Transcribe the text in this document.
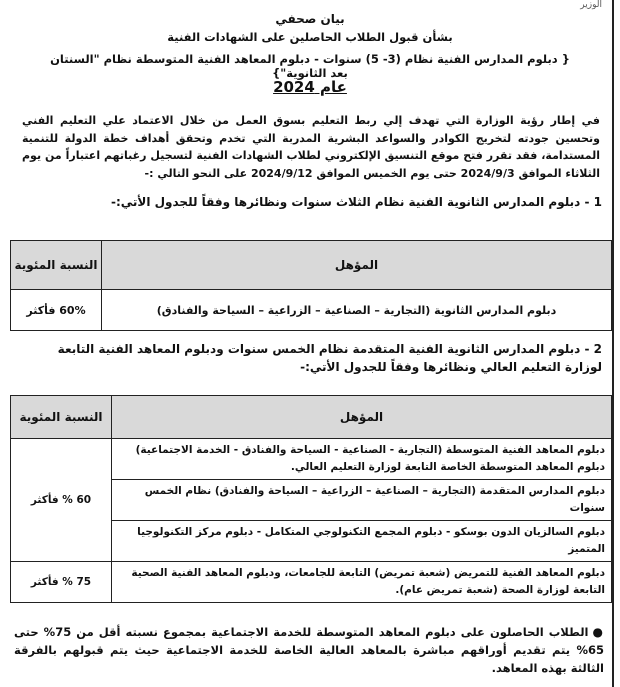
الوزير
بيان صحفي
بشأن قبول الطلاب الحاصلين على الشهادات الفنية
{ دبلوم المدارس الفنية نظام (3- 5) سنوات - دبلوم المعاهد الفنية المتوسطة نظام "السنتان بعد الثانوية"}
عام 2024
في إطار رؤية الوزارة التي تهدف إلي ربط التعليم بسوق العمل من خلال الاعتماد علي التعليم الفني وتحسين جودته لتخريج الكوادر والسواعد البشرية المدربة التي تخدم وتحقق أهداف خطة الدولة للتنمية المستدامة، فقد تقرر فتح موقع التنسيق الإلكتروني لطلاب الشهادات الفنية لتسجيل رغباتهم اعتباراً من يوم الثلاثاء الموافق 2024/9/3 حتى يوم الخميس الموافق 2024/9/12 على النحو التالي :-
1 - دبلوم المدارس الثانوية الفنية نظام الثلاث سنوات ونظائرها وفقاً للجدول الأتي:-
المؤهل	النسبة المئوية
دبلوم المدارس الثانوية (التجارية – الصناعية – الزراعية – السياحة والفنادق)	60% فأكثر
2 - دبلوم المدارس الثانوية الفنية المتقدمة نظام الخمس سنوات ودبلوم المعاهد الفنية التابعة لوزارة التعليم العالي ونظائرها وفقاً للجدول الأتي:-
المؤهل	النسبة المئوية
دبلوم المعاهد الفنية المتوسطة (التجارية - الصناعية - السياحة والفنادق - الخدمة الاجتماعية) دبلوم المعاهد المتوسطة الخاصة التابعة لوزارة التعليم العالي.	60 % فأكثر
دبلوم المدارس المتقدمة (التجارية – الصناعية – الزراعية – السياحة والفنادق) نظام الخمس سنوات	
دبلوم السالزيان الدون بوسكو - دبلوم المجمع التكنولوجي المتكامل - دبلوم مركز التكنولوجيا المتميز	
دبلوم المعاهد الفنية للتمريض (شعبة تمريض) التابعة للجامعات، ودبلوم المعاهد الفنية الصحية التابعة لوزارة الصحة (شعبة تمريض عام).	75 % فأكثر
●الطلاب الحاصلون على دبلوم المعاهد المتوسطة للخدمة الاجتماعية بمجموع نسبته أقل من 75% حتى 65% يتم تقديم أوراقهم مباشرة بالمعاهد العالية الخاصة للخدمة الاجتماعية حيث يتم قبولهم بالفرقة الثالثة بهذه المعاهد.
